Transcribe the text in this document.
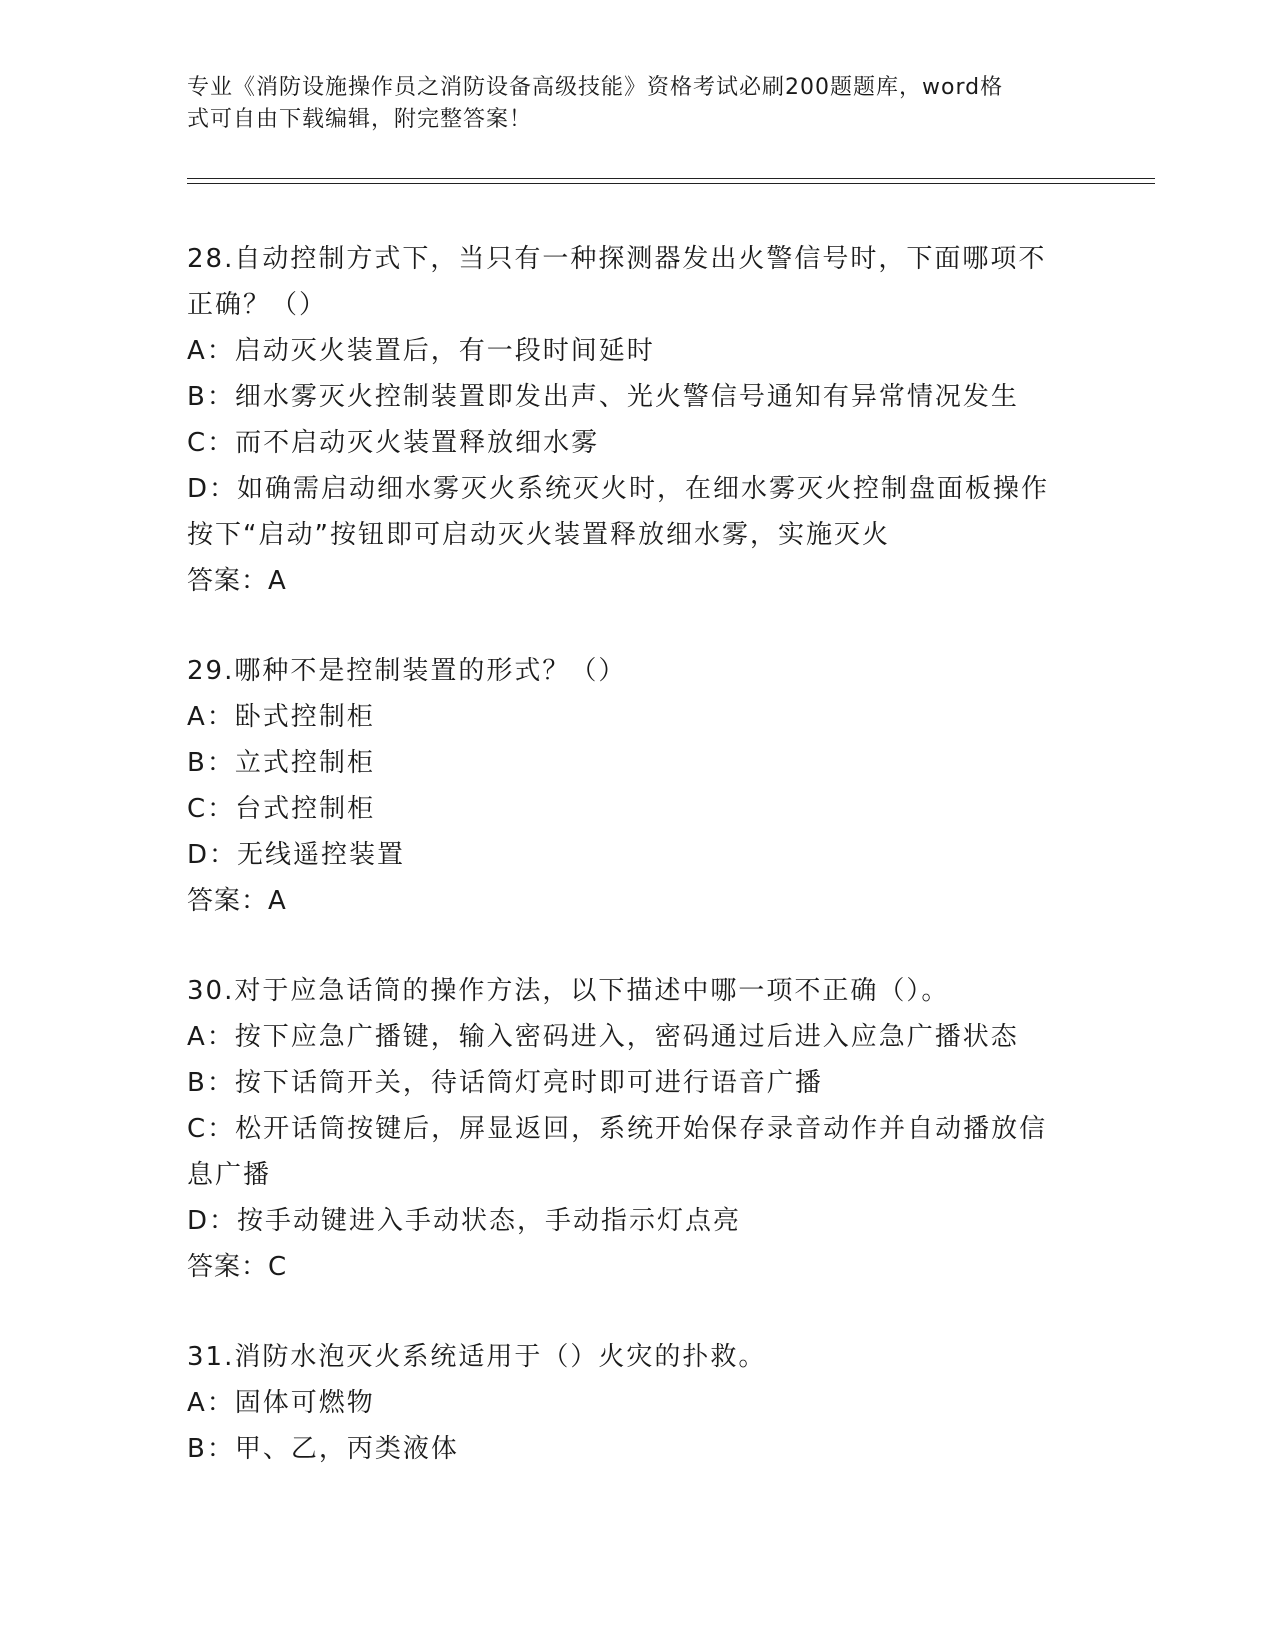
专业《消防设施操作员之消防设备高级技能》资格考试必刷200题题库，word格
式可自由下载编辑，附完整答案！
28.自动控制方式下，当只有一种探测器发出火警信号时，下面哪项不
正确？（）
A：启动灭火装置后，有一段时间延时
B：细水雾灭火控制装置即发出声、光火警信号通知有异常情况发生
C：而不启动灭火装置释放细水雾
D：如确需启动细水雾灭火系统灭火时，在细水雾灭火控制盘面板操作
按下“启动”按钮即可启动灭火装置释放细水雾，实施灭火
答案：A
29.哪种不是控制装置的形式？（）
A：卧式控制柜
B：立式控制柜
C：台式控制柜
D：无线遥控装置
答案：A
30.对于应急话筒的操作方法，以下描述中哪一项不正确（）。
A：按下应急广播键，输入密码进入，密码通过后进入应急广播状态
B：按下话筒开关，待话筒灯亮时即可进行语音广播
C：松开话筒按键后，屏显返回，系统开始保存录音动作并自动播放信
息广播
D：按手动键进入手动状态，手动指示灯点亮
答案：C
31.消防水泡灭火系统适用于（）火灾的扑救。
A：固体可燃物
B：甲、乙，丙类液体
